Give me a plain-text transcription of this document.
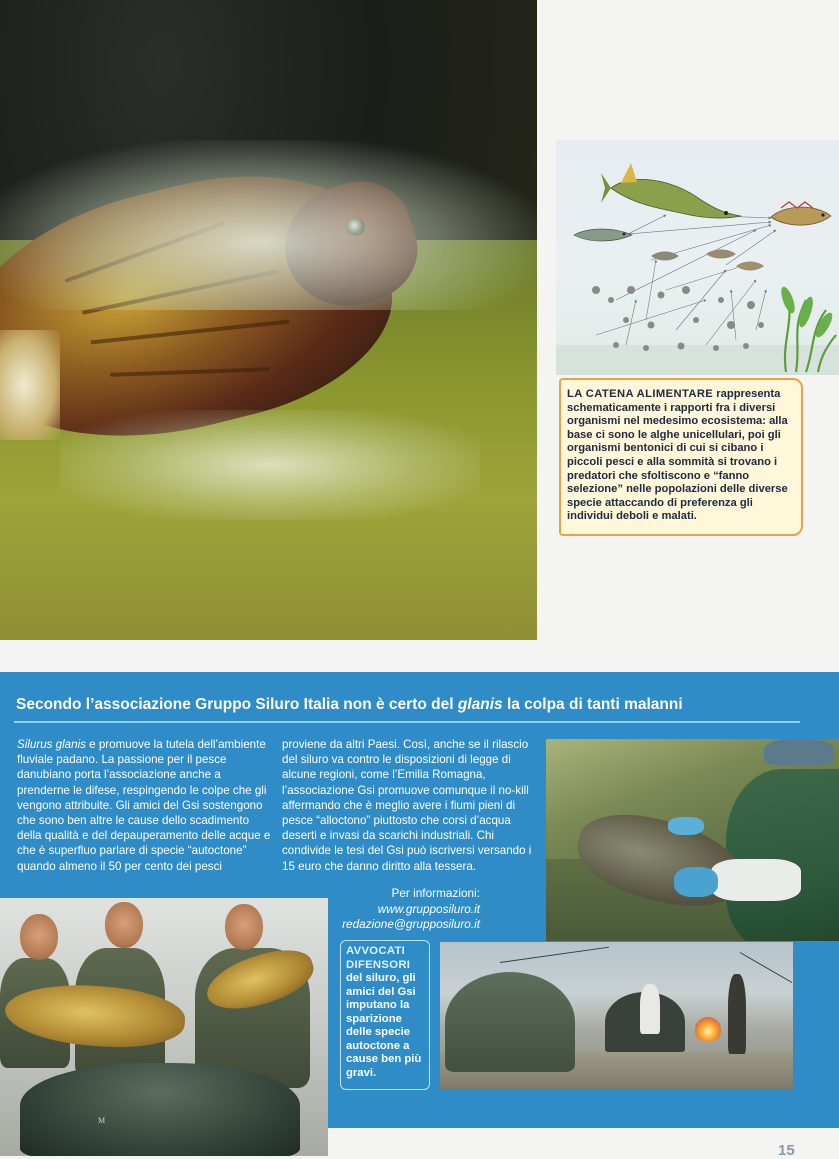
LA CATENA ALIMENTARE rappresenta schematicamente i rapporti fra i diversi organismi nel medesimo ecosistema: alla base ci sono le alghe unicellulari, poi gli organismi bentonici di cui si cibano i piccoli pesci e alla sommità si trovano i predatori che sfoltiscono e “fanno selezione” nelle popolazioni delle diverse specie attaccando di preferenza gli individui deboli e malati.
Secondo l’associazione Gruppo Siluro Italia non è certo del glanis la colpa di tanti malanni
Silurus glanis e promuove la tutela dell’ambiente fluviale padano. La passione per il pesce danubiano porta l’associazione anche a prenderne le difese, respingendo le colpe che gli vengono attribuite. Gli amici del Gsi sostengono che sono ben altre le cause dello scadimento della qualità e del depauperamento delle acque e che è superfluo parlare di specie “autoctone” quando almeno il 50 per cento dei pesci
proviene da altri Paesi. Così, anche se il rilascio del siluro va contro le disposizioni di legge di alcune regioni, come l’Emilia Romagna, l’associazione Gsi promuove comunque il no-kill affermando che è meglio avere i fiumi pieni di pesce “alloctono” piuttosto che corsi d’acqua deserti e invasi da scarichi industriali. Chi condivide le tesi del Gsi può iscriversi versando i 15 euro che danno diritto alla tessera.
Per informazioni:
www.grupposiluro.it
redazione@grupposiluro.it
M
AVVOCATI DIFENSORI del siluro, gli amici del Gsi imputano la sparizione delle specie autoctone a cause ben più gravi.
15
